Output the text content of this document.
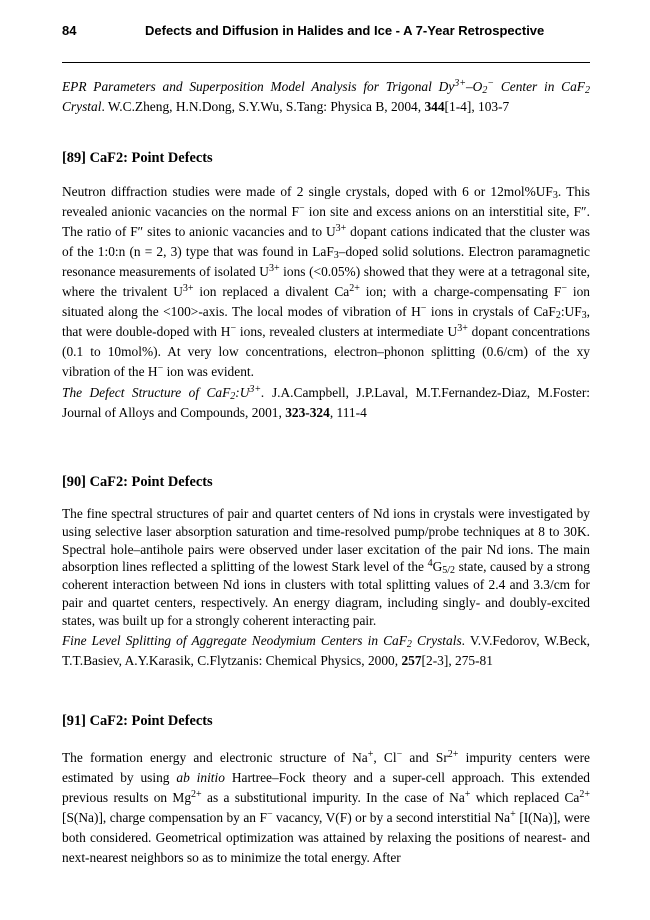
84	Defects and Diffusion in Halides and Ice - A 7-Year Retrospective

EPR Parameters and Superposition Model Analysis for Trigonal $Dy^{3+}-O_2^-$ Center in CaF$_2$ Crystal. W.C.Zheng, H.N.Dong, S.Y.Wu, S.Tang: Physica B, 2004, 344[1-4], 103-7

[89] CaF2: Point Defects

Neutron diffraction studies were made of 2 single crystals, doped with 6 or $12mol\%UF_3$. This revealed anionic vacancies on the normal F− ion site and excess anions on an interstitial site, F″. The ratio of F″ sites to anionic vacancies and to $U^{3+}$ dopant cations indicated that the cluster was of the 1:0:n (n = 2, 3) type that was found in LaF$_3$–doped solid solutions. Electron paramagnetic resonance measurements of isolated $U^{3+}$ ions (<0.05%) showed that they were at a tetragonal site, where the trivalent $U^{3+}$ ion replaced a divalent $Ca^{2+}$ ion; with a charge-compensating F− ion situated along the <100>-axis. The local modes of vibration of H− ions in crystals of $CaF_2:UF_3$, that were double-doped with H− ions, revealed clusters at intermediate $U^{3+}$ dopant concentrations (0.1 to 10mol%). At very low concentrations, electron–phonon splitting (0.6/cm) of the xy vibration of the H− ion was evident.

The Defect Structure of $CaF_2:U^{3+}$. J.A.Campbell, J.P.Laval, M.T.Fernandez-Diaz, M.Foster: Journal of Alloys and Compounds, 2001, 323-324, 111-4

[90] CaF2: Point Defects

The fine spectral structures of pair and quartet centers of Nd ions in crystals were investigated by using selective laser absorption saturation and time-resolved pump/probe techniques at 8 to 30K. Spectral hole–antihole pairs were observed under laser excitation of the pair Nd ions. The main absorption lines reflected a splitting of the lowest Stark level of the $^4G_{5/2}$ state, caused by a strong coherent interaction between Nd ions in clusters with total splitting values of 2.4 and 3.3/cm for pair and quartet centers, respectively. An energy diagram, including singly- and doubly-excited states, was built up for a strongly coherent interacting pair.

Fine Level Splitting of Aggregate Neodymium Centers in CaF$_2$ Crystals. V.V.Fedorov, W.Beck, T.T.Basiev, A.Y.Karasik, C.Flytzanis: Chemical Physics, 2000, 257[2-3], 275-81

[91] CaF2: Point Defects

The formation energy and electronic structure of Na+, Cl− and $Sr^{2+}$ impurity centers were estimated by using ab initio Hartree–Fock theory and a super-cell approach. This extended previous results on $Mg^{2+}$ as a substitutional impurity. In the case of Na+ which replaced $Ca^{2+}$ [S(Na)], charge compensation by an F− vacancy, V(F) or by a second interstitial Na+ [I(Na)], were both considered. Geometrical optimization was attained by relaxing the positions of nearest- and next-nearest neighbors so as to minimize the total energy. After
